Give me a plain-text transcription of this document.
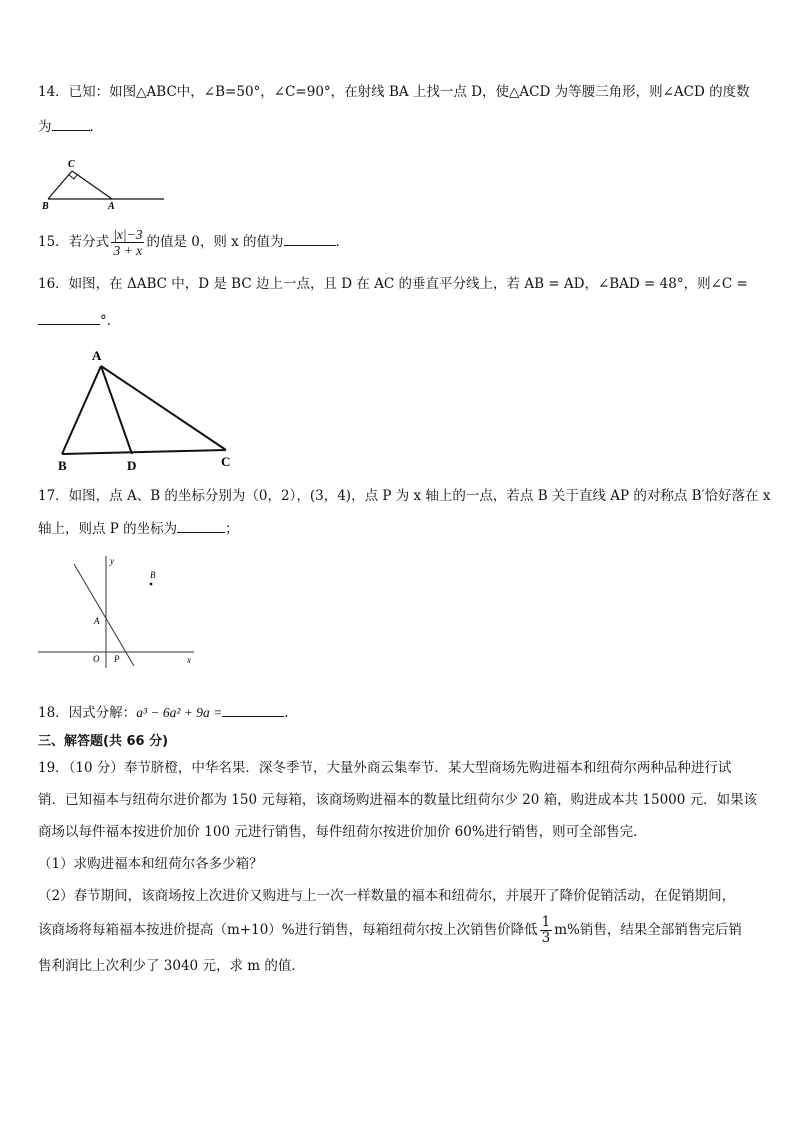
14．已知：如图△ABC中，∠B=50°，∠C=90°，在射线 BA 上找一点 D，使△ACD 为等腰三角形，则∠ACD 的度数
为	．
C
B	A
15．若分式 $\frac{|x|-3}{3 + x}$ 的值是 0，则 x 的值为	．
16．如图，在 ΔABC 中，D 是 BC 边上一点，且 D 在 AC 的垂直平分线上，若 AB = AD，∠BAD = 48°，则∠C =
°．
A
B	D	C
17．如图，点 A、B 的坐标分别为（0，2），(3，4)，点 P 为 x 轴上的一点，若点 B 关于直线 AP 的对称点 B′恰好落在 x
轴上，则点 P 的坐标为	；
y
B
A
O P	x
18．因式分解：a³ − 6a² + 9a =	.
三、解答题(共 66 分)
19．（10 分）奉节脐橙，中华名果．深冬季节，大量外商云集奉节．某大型商场先购进福本和纽荷尔两种品种进行试
销．已知福本与纽荷尔进价都为 150 元每箱，该商场购进福本的数量比纽荷尔少 20 箱，购进成本共 15000 元．如果该
商场以每件福本按进价加价 100 元进行销售，每件纽荷尔按进价加价 60%进行销售，则可全部售完．
（1）求购进福本和纽荷尔各多少箱？
（2）春节期间，该商场按上次进价又购进与上一次一样数量的福本和纽荷尔，并展开了降价促销活动，在促销期间，
该商场将每箱福本按进价提高（m+10）%进行销售，每箱纽荷尔按上次销售价降低 $\frac{1}{3} m\%$销售，结果全部销售完后销
售利润比上次利少了 3040 元，求 m 的值．
